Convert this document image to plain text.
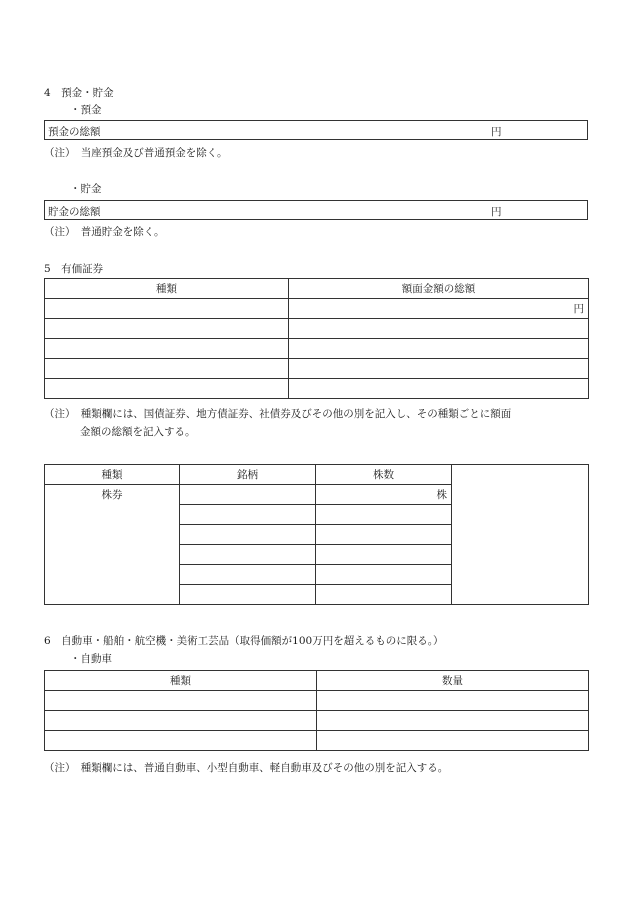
4　預金・貯金
・預金
預金の総額	円
（注）　当座預金及び普通預金を除く。
・貯金
貯金の総額	円
（注）　普通貯金を除く。
5　有価証券
種類	額面金額の総額
	円

（注）　種類欄には、国債証券、地方債証券、社債券及びその他の別を記入し、その種類ごとに額面
金額の総額を記入する。
種類	銘柄	株数	
株券		株	

6　自動車・船舶・航空機・美術工芸品（取得価額が100万円を超えるものに限る。）
・自動車
種類	数量

（注）　種類欄には、普通自動車、小型自動車、軽自動車及びその他の別を記入する。
